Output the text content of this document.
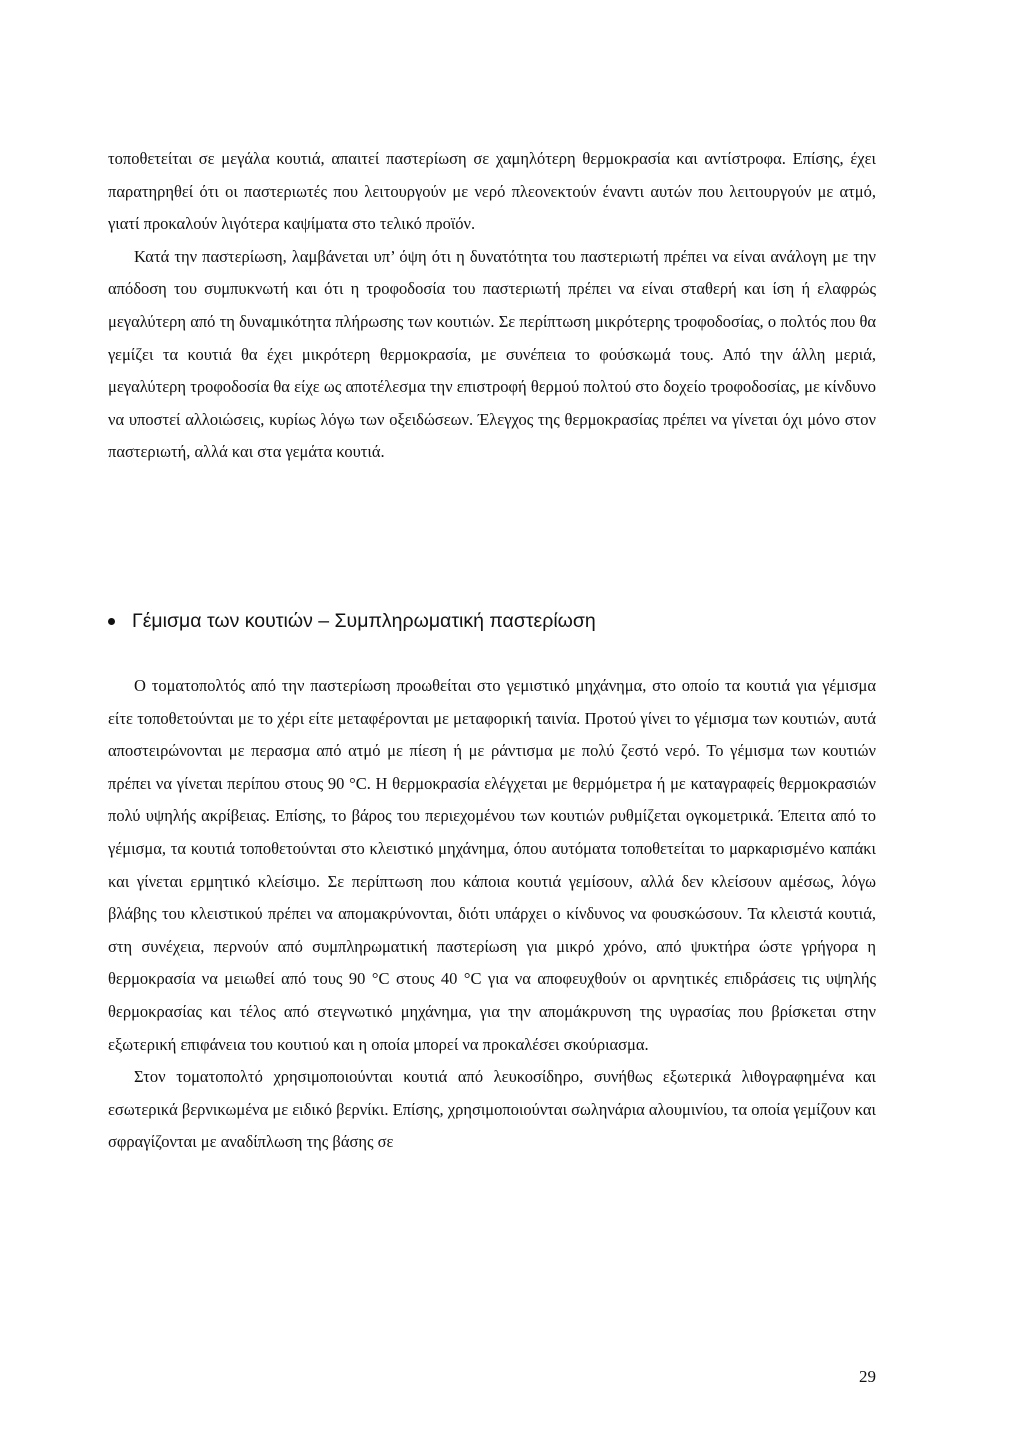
τοποθετείται σε μεγάλα κουτιά, απαιτεί παστερίωση σε χαμηλότερη θερμοκρασία και αντίστροφα. Επίσης, έχει παρατηρηθεί ότι οι παστεριωτές που λειτουργούν με νερό πλεονεκτούν έναντι αυτών που λειτουργούν με ατμό, γιατί προκαλούν λιγότερα καψίματα στο τελικό προϊόν.

Κατά την παστερίωση, λαμβάνεται υπ’ όψη ότι η δυνατότητα του παστεριωτή πρέπει να είναι ανάλογη με την απόδοση του συμπυκνωτή και ότι η τροφοδοσία του παστεριωτή πρέπει να είναι σταθερή και ίση ή ελαφρώς μεγαλύτερη από τη δυναμικότητα πλήρωσης των κουτιών. Σε περίπτωση μικρότερης τροφοδοσίας, ο πολτός που θα γεμίζει τα κουτιά θα έχει μικρότερη θερμοκρασία, με συνέπεια το φούσκωμά τους. Από την άλλη μεριά, μεγαλύτερη τροφοδοσία θα είχε ως αποτέλεσμα την επιστροφή θερμού πολτού στο δοχείο τροφοδοσίας, με κίνδυνο να υποστεί αλλοιώσεις, κυρίως λόγω των οξειδώσεων. Έλεγχος της θερμοκρασίας πρέπει να γίνεται όχι μόνο στον παστεριωτή, αλλά και στα γεμάτα κουτιά.

Γέμισμα των κουτιών – Συμπληρωματική παστερίωση

Ο τοματοπολτός από την παστερίωση προωθείται στο γεμιστικό μηχάνημα, στο οποίο τα κουτιά για γέμισμα είτε τοποθετούνται με το χέρι είτε μεταφέρονται με μεταφορική ταινία. Προτού γίνει το γέμισμα των κουτιών, αυτά αποστειρώνονται με περασμα από ατμό με πίεση ή με ράντισμα με πολύ ζεστό νερό. Το γέμισμα των κουτιών πρέπει να γίνεται περίπου στους 90 °C. Η θερμοκρασία ελέγχεται με θερμόμετρα ή με καταγραφείς θερμοκρασιών πολύ υψηλής ακρίβειας. Επίσης, το βάρος του περιεχομένου των κουτιών ρυθμίζεται ογκομετρικά. Έπειτα από το γέμισμα, τα κουτιά τοποθετούνται στο κλειστικό μηχάνημα, όπου αυτόματα τοποθετείται το μαρκαρισμένο καπάκι και γίνεται ερμητικό κλείσιμο. Σε περίπτωση που κάποια κουτιά γεμίσουν, αλλά δεν κλείσουν αμέσως, λόγω βλάβης του κλειστικού πρέπει να απομακρύνονται, διότι υπάρχει ο κίνδυνος να φουσκώσουν. Τα κλειστά κουτιά, στη συνέχεια, περνούν από συμπληρωματική παστερίωση για μικρό χρόνο, από ψυκτήρα ώστε γρήγορα η θερμοκρασία να μειωθεί από τους 90 °C στους 40 °C για να αποφευχθούν οι αρνητικές επιδράσεις τις υψηλής θερμοκρασίας και τέλος από στεγνωτικό μηχάνημα, για την απομάκρυνση της υγρασίας που βρίσκεται στην εξωτερική επιφάνεια του κουτιού και η οποία μπορεί να προκαλέσει σκούριασμα.

Στον τοματοπολτό χρησιμοποιούνται κουτιά από λευκοσίδηρο, συνήθως εξωτερικά λιθογραφημένα και εσωτερικά βερνικωμένα με ειδικό βερνίκι. Επίσης, χρησιμοποιούνται σωληνάρια αλουμινίου, τα οποία γεμίζουν και σφραγίζονται με αναδίπλωση της βάσης σε

29
